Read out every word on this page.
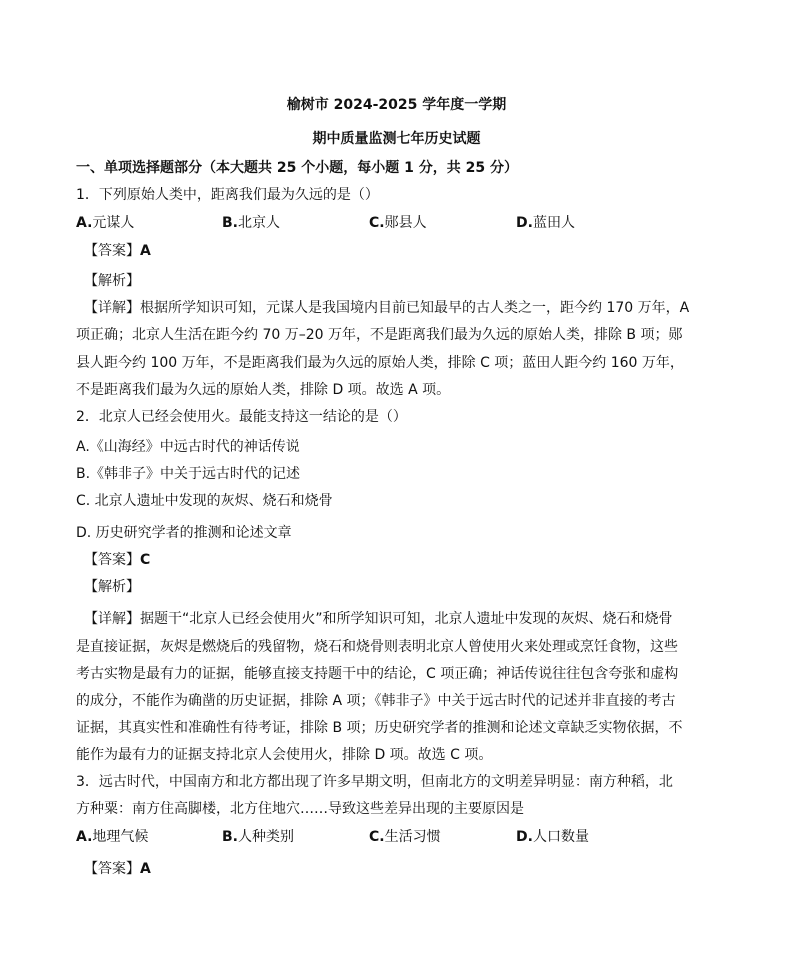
榆树市 2024-2025 学年度一学期
期中质量监测七年历史试题
一、单项选择题部分（本大题共 25 个小题，每小题 1 分，共 25 分）
1．下列原始人类中，距离我们最为久远的是（）
A.元谋人	B.北京人	C.郧县人	D.蓝田人
【答案】A
【解析】
【详解】根据所学知识可知，元谋人是我国境内目前已知最早的古人类之一，距今约 170 万年，A
项正确；北京人生活在距今约 70 万–20 万年，不是距离我们最为久远的原始人类，排除 B 项；郧
县人距今约 100 万年，不是距离我们最为久远的原始人类，排除 C 项；蓝田人距今约 160 万年，
不是距离我们最为久远的原始人类，排除 D 项。故选 A 项。
2．北京人已经会使用火。最能支持这一结论的是（）
A.《山海经》中远古时代的神话传说
B.《韩非子》中关于远古时代的记述
C. 北京人遗址中发现的灰烬、烧石和烧骨
D. 历史研究学者的推测和论述文章
【答案】C
【解析】
【详解】据题干“北京人已经会使用火”和所学知识可知，北京人遗址中发现的灰烬、烧石和烧骨
是直接证据，灰烬是燃烧后的残留物，烧石和烧骨则表明北京人曾使用火来处理或烹饪食物，这些
考古实物是最有力的证据，能够直接支持题干中的结论，C 项正确；神话传说往往包含夸张和虚构
的成分，不能作为确凿的历史证据，排除 A 项；《韩非子》中关于远古时代的记述并非直接的考古
证据，其真实性和准确性有待考证，排除 B 项；历史研究学者的推测和论述文章缺乏实物依据，不
能作为最有力的证据支持北京人会使用火，排除 D 项。故选 C 项。
3．远古时代，中国南方和北方都出现了许多早期文明，但南北方的文明差异明显：南方种稻，北
方种粟：南方住高脚楼，北方住地穴……导致这些差异出现的主要原因是
A.地理气候	B.人种类别	C.生活习惯	D.人口数量
【答案】A
